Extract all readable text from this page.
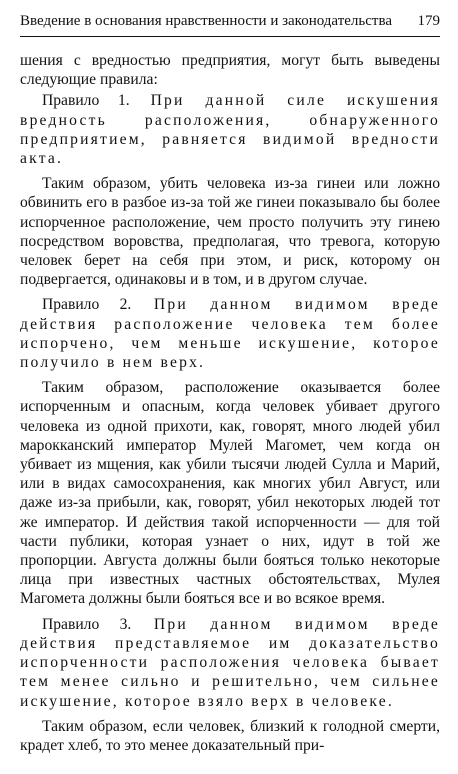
Введение в основания нравственности и законодательства 179

шения с вредностью предприятия, могут быть выведены следующие правила:

Правило 1. При данной силе искушения вредность расположения, обнаруженного предприятием, равняется видимой вредности акта.

Таким образом, убить человека из-за гинеи или ложно обвинить его в разбое из-за той же гинеи показывало бы более испорченное расположение, чем просто получить эту гинею посредством воровства, предполагая, что тревога, которую человек берет на себя при этом, и риск, которому он подвергается, одинаковы и в том, и в другом случае.

Правило 2. При данном видимом вреде действия расположение человека тем более испорчено, чем меньше искушение, которое получило в нем верх.

Таким образом, расположение оказывается более испорченным и опасным, когда человек убивает другого человека из одной прихоти, как, говорят, много людей убил марокканский император Мулей Магомет, чем когда он убивает из мщения, как убили тысячи людей Сулла и Марий, или в видах самосохранения, как многих убил Август, или даже из-за прибыли, как, говорят, убил некоторых людей тот же император. И действия такой испорченности — для той части публики, которая узнает о них, идут в той же пропорции. Августа должны были бояться только некоторые лица при известных частных обстоятельствах, Мулея Магомета должны были бояться все и во всякое время.

Правило 3. При данном видимом вреде действия представляемое им доказательство испорченности расположения человека бывает тем менее сильно и решительно, чем сильнее искушение, которое взяло верх в человеке.

Таким образом, если человек, близкий к голодной смерти, крадет хлеб, то это менее доказательный при-
